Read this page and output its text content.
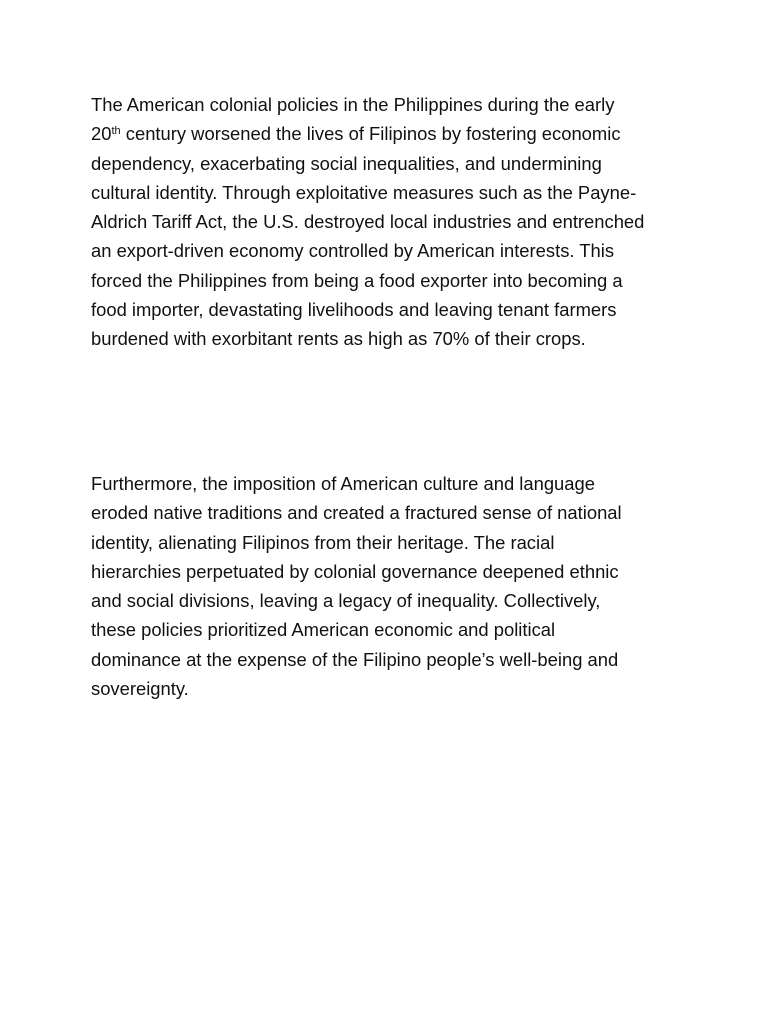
The American colonial policies in the Philippines during the early
20th century worsened the lives of Filipinos by fostering economic
dependency, exacerbating social inequalities, and undermining
cultural identity. Through exploitative measures such as the Payne-
Aldrich Tariff Act, the U.S. destroyed local industries and entrenched
an export-driven economy controlled by American interests. This
forced the Philippines from being a food exporter into becoming a
food importer, devastating livelihoods and leaving tenant farmers
burdened with exorbitant rents as high as 70% of their crops.

Furthermore, the imposition of American culture and language
eroded native traditions and created a fractured sense of national
identity, alienating Filipinos from their heritage. The racial
hierarchies perpetuated by colonial governance deepened ethnic
and social divisions, leaving a legacy of inequality. Collectively,
these policies prioritized American economic and political
dominance at the expense of the Filipino people’s well-being and
sovereignty.
